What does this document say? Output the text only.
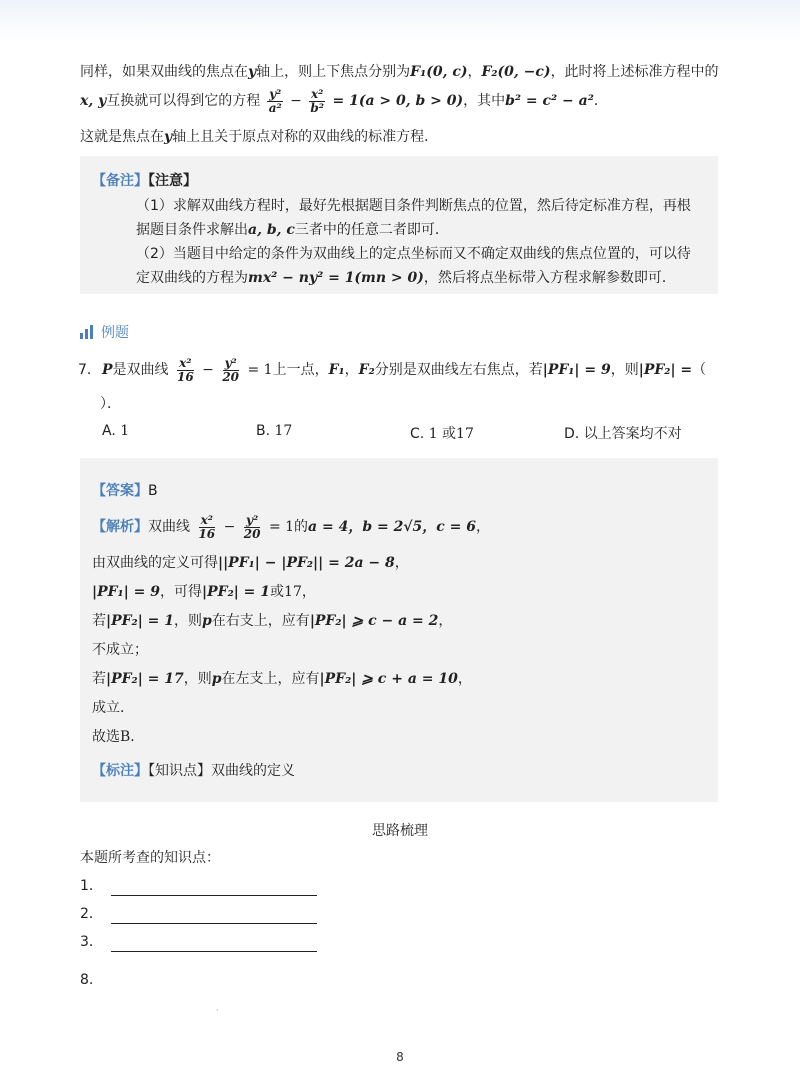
同样，如果双曲线的焦点在y轴上，则上下焦点分别为F₁(0, c)，F₂(0, −c)，此时将上述标准方程中的
x, y互换就可以得到它的方程 $\frac{\text{y²}}{\text{a²}} - \frac{\text{x²}}{\text{b²}} = 1(a > 0$, b > 0)，其中b² = c² − a²．
这就是焦点在y轴上且关于原点对称的双曲线的标准方程．
【备注】【注意】
（1）求解双曲线方程时，最好先根据题目条件判断焦点的位置，然后待定标准方程，再根
据题目条件求解出a, b, c三者中的任意二者即可．
（2）当题目中给定的条件为双曲线上的定点坐标而又不确定双曲线的焦点位置的，可以待
定双曲线的方程为mx² − ny² = 1(mn > 0)，然后将点坐标带入方程求解参数即可．
例题
7. P是双曲线 $\frac{\text{x²}}{16} - \frac{\text{y²}}{20} = 1$上一点，F₁，F₂分别是双曲线左右焦点，若|PF₁| = 9，则|PF₂| =（
）．
A. 1	B. 17	C. 1 或17	D. 以上答案均不对
【答案】B
【解析】双曲线 $\frac{\text{x²}}{16} - \frac{\text{y²}}{20} = 1$的a = 4，b = 2√5，c = 6，
由双曲线的定义可得||PF₁| − |PF₂|| = 2a − 8，
|PF₁| = 9，可得|PF₂| = 1或17，
若|PF₂| = 1，则p在右支上，应有|PF₂| ⩾ c − a = 2，
不成立；
若|PF₂| = 17，则p在左支上，应有|PF₂| ⩾ c + a = 10，
成立．
故选B．
【标注】【知识点】双曲线的定义
思路梳理
本题所考查的知识点：
1．
2．
3．
8.
·
8
